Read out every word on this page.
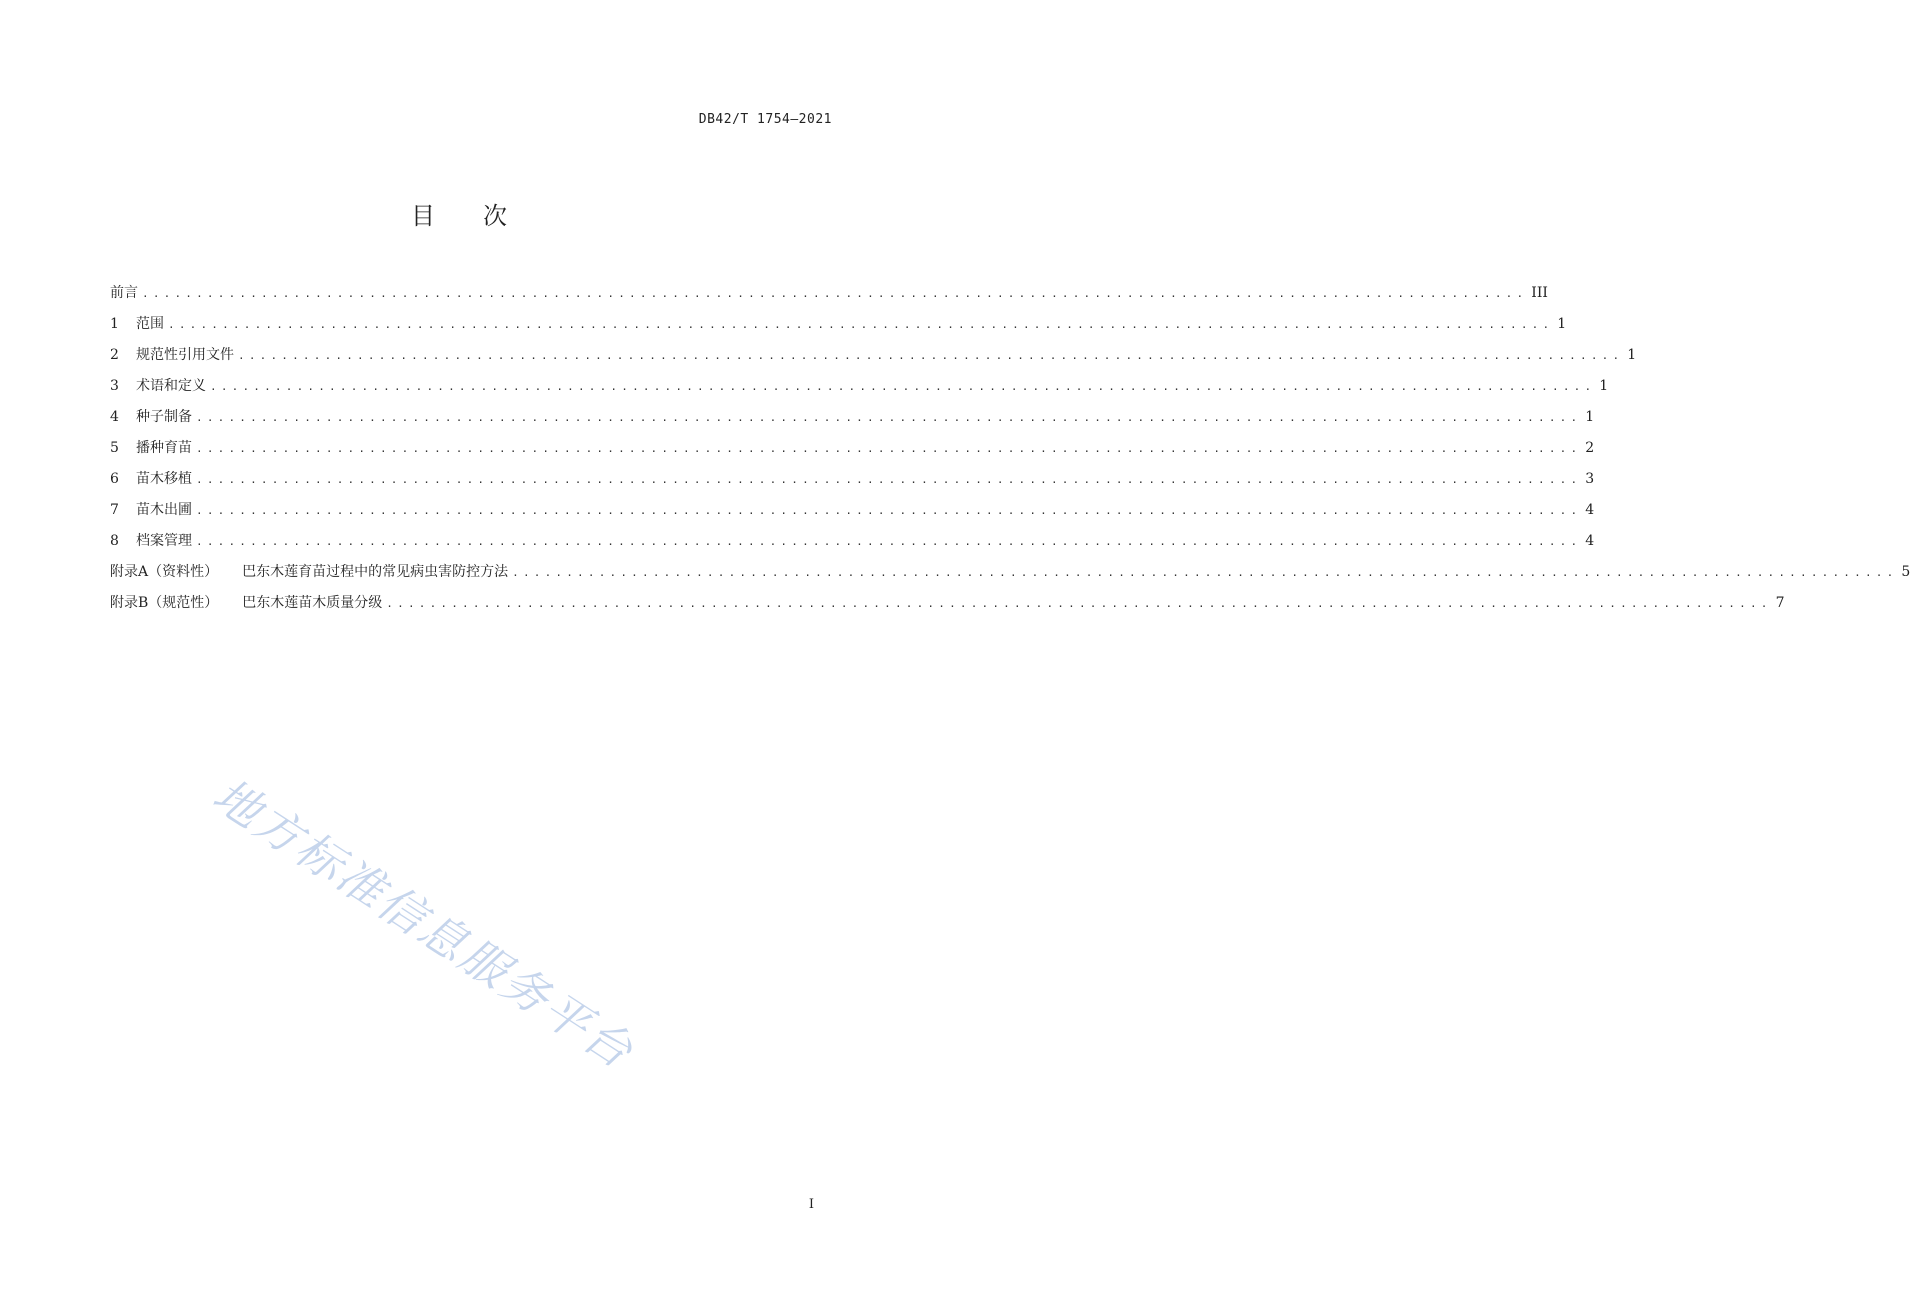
DB42/T 1754—2021
目 次
前言 ................................................................................................................................ III
1	范围 ................................................................................................................................ 1
2	规范性引用文件 ................................................................................................................................ 1
3	术语和定义 ................................................................................................................................ 1
4	种子制备 ................................................................................................................................ 1
5	播种育苗 ................................................................................................................................ 2
6	苗木移植 ................................................................................................................................ 3
7	苗木出圃 ................................................................................................................................ 4
8	档案管理 ................................................................................................................................ 4
附录A（资料性） 巴东木莲育苗过程中的常见病虫害防控方法 ................................................................................................................................ 5
附录B（规范性） 巴东木莲苗木质量分级 ................................................................................................................................ 7
地方标准信息服务平台
I
